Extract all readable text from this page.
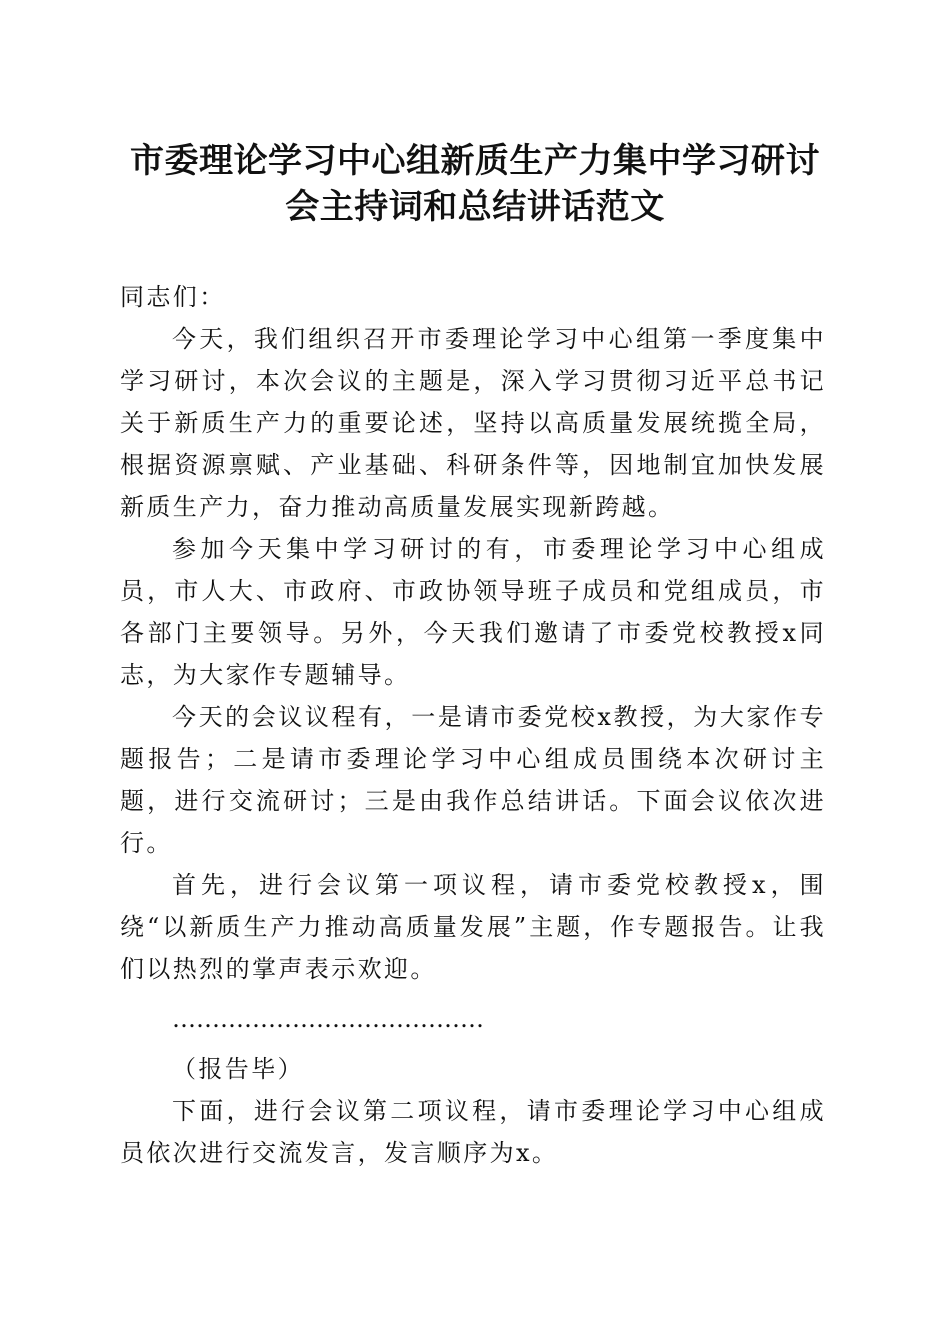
市委理论学习中心组新质生产力集中学习研讨
会主持词和总结讲话范文

同志们：

今天，我们组织召开市委理论学习中心组第一季度集中学习研讨，本次会议的主题是，深入学习贯彻习近平总书记关于新质生产力的重要论述，坚持以高质量发展统揽全局，根据资源禀赋、产业基础、科研条件等，因地制宜加快发展新质生产力，奋力推动高质量发展实现新跨越。

参加今天集中学习研讨的有，市委理论学习中心组成员，市人大、市政府、市政协领导班子成员和党组成员，市各部门主要领导。另外，今天我们邀请了市委党校教授x同志，为大家作专题辅导。

今天的会议议程有，一是请市委党校x教授，为大家作专题报告；二是请市委理论学习中心组成员围绕本次研讨主题，进行交流研讨；三是由我作总结讲话。下面会议依次进行。

首先，进行会议第一项议程，请市委党校教授x，围绕“以新质生产力推动高质量发展”主题，作专题报告。让我们以热烈的掌声表示欢迎。

…………………………………

（报告毕）

下面，进行会议第二项议程，请市委理论学习中心组成员依次进行交流发言，发言顺序为x。
